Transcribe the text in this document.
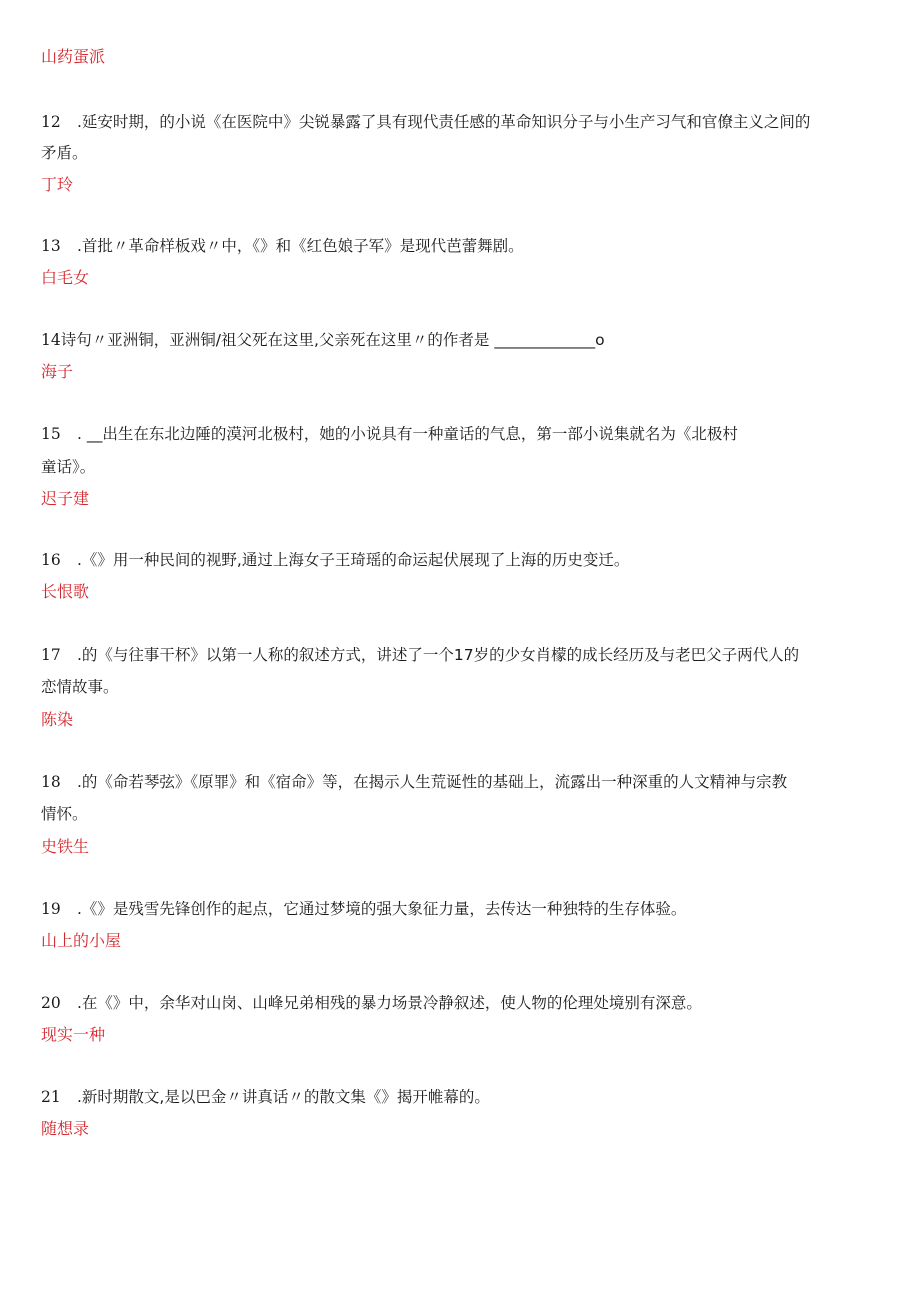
山药蛋派
12 .延安时期，的小说《在医院中》尖锐暴露了具有现代责任感的革命知识分子与小生产习气和官僚主义之间的
矛盾。
丁玲
13 .首批〃革命样板戏〃中，《》和《红色娘子军》是现代芭蕾舞剧。
白毛女
14诗句〃亚洲铜，亚洲铜/祖父死在这里,父亲死在这里〃的作者是 _____________o
海子
15 . __出生在东北边陲的漠河北极村，她的小说具有一种童话的气息，第一部小说集就名为《北极村
童话》。
迟子建
16 .《》用一种民间的视野,通过上海女子王琦瑶的命运起伏展现了上海的历史变迁。
长恨歌
17 .的《与往事干杯》以第一人称的叙述方式，讲述了一个17岁的少女肖檬的成长经历及与老巴父子两代人的
恋情故事。
陈染
18 .的《命若琴弦》《原罪》和《宿命》等，在揭示人生荒诞性的基础上，流露出一种深重的人文精神与宗教
情怀。
史铁生
19 .《》是残雪先锋创作的起点，它通过梦境的强大象征力量，去传达一种独特的生存体验。
山上的小屋
20 .在《》中，余华对山岗、山峰兄弟相残的暴力场景冷静叙述，使人物的伦理处境别有深意。
现实一种
21 .新时期散文,是以巴金〃讲真话〃的散文集《》揭开帷幕的。
随想录
